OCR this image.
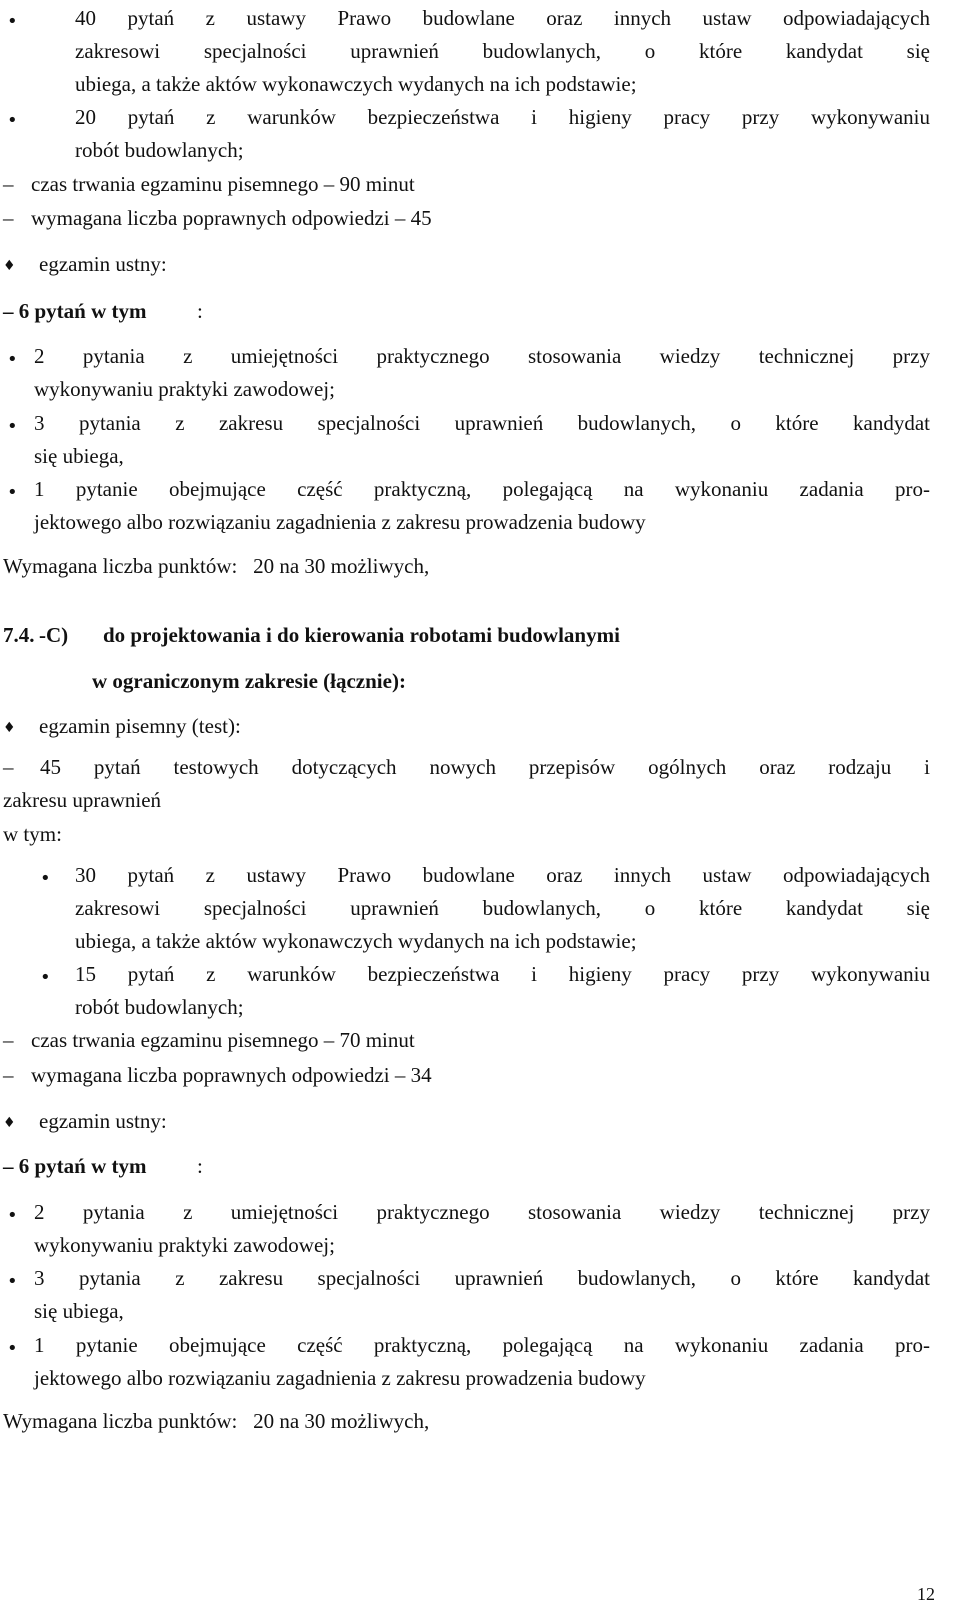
•	40 pytań z ustawy Prawo budowlane oraz innych ustaw odpowiadających
zakresowi specjalności uprawnień budowlanych, o które kandydat się
ubiega, a także aktów wykonawczych wydanych na ich podstawie;
•	20 pytań z warunków bezpieczeństwa i higieny pracy przy wykonywaniu
robót budowlanych;
– czas trwania egzaminu pisemnego – 90 minut
– wymagana liczba poprawnych odpowiedzi – 45
♦ egzamin ustny:
– 6 pytań w tym :
• 2 pytania z umiejętności praktycznego stosowania wiedzy technicznej przy
wykonywaniu praktyki zawodowej;
• 3 pytania z zakresu specjalności uprawnień budowlanych, o które kandydat
się ubiega,
• 1 pytanie obejmujące część praktyczną, polegającą na wykonaniu zadania pro-
jektowego albo rozwiązaniu zagadnienia z zakresu prowadzenia budowy
Wymagana liczba punktów:   20 na 30 możliwych,
7.4. -C) do projektowania i do kierowania robotami budowlanymi
w ograniczonym zakresie (łącznie):
♦ egzamin pisemny (test):
– 45 pytań testowych dotyczących nowych przepisów ogólnych oraz rodzaju i
zakresu uprawnień
w tym:
• 30 pytań z ustawy Prawo budowlane oraz innych ustaw odpowiadających
zakresowi specjalności uprawnień budowlanych, o które kandydat się
ubiega, a także aktów wykonawczych wydanych na ich podstawie;
• 15 pytań z warunków bezpieczeństwa i higieny pracy przy wykonywaniu
robót budowlanych;
– czas trwania egzaminu pisemnego – 70 minut
– wymagana liczba poprawnych odpowiedzi – 34
♦ egzamin ustny:
– 6 pytań w tym :
• 2 pytania z umiejętności praktycznego stosowania wiedzy technicznej przy
wykonywaniu praktyki zawodowej;
• 3 pytania z zakresu specjalności uprawnień budowlanych, o które kandydat
się ubiega,
• 1 pytanie obejmujące część praktyczną, polegającą na wykonaniu zadania pro-
jektowego albo rozwiązaniu zagadnienia z zakresu prowadzenia budowy
Wymagana liczba punktów:   20 na 30 możliwych,
12
